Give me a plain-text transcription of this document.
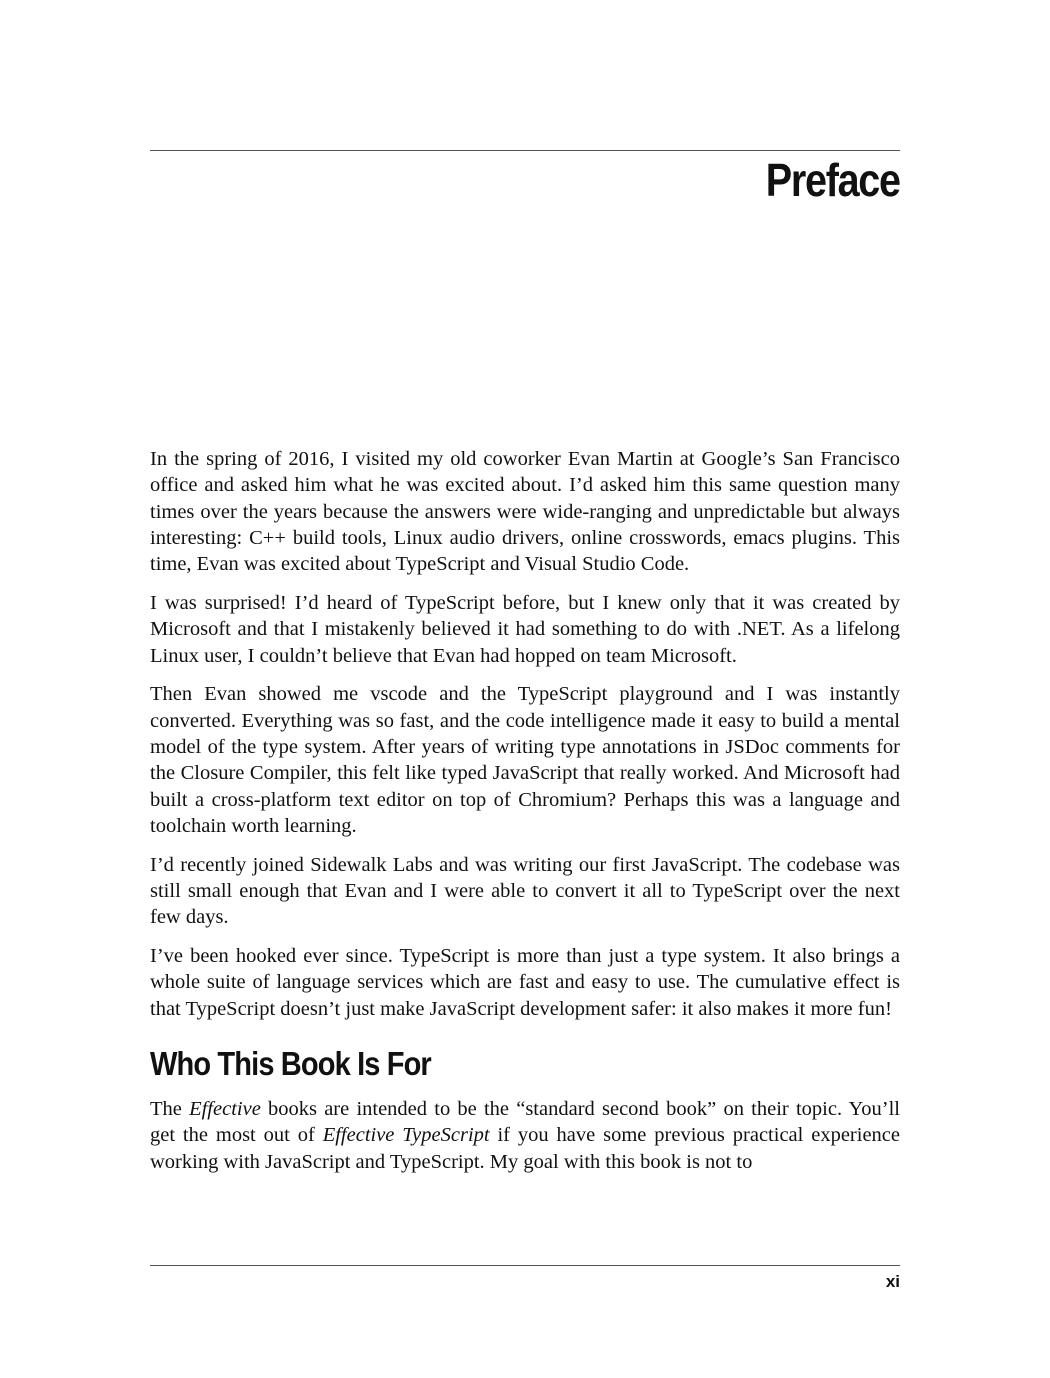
Preface

In the spring of 2016, I visited my old coworker Evan Martin at Google’s San Francisco office and asked him what he was excited about. I’d asked him this same question many times over the years because the answers were wide-ranging and unpredictable but always interesting: C++ build tools, Linux audio drivers, online crosswords, emacs plugins. This time, Evan was excited about TypeScript and Visual Studio Code.

I was surprised! I’d heard of TypeScript before, but I knew only that it was created by Microsoft and that I mistakenly believed it had something to do with .NET. As a lifelong Linux user, I couldn’t believe that Evan had hopped on team Microsoft.

Then Evan showed me vscode and the TypeScript playground and I was instantly converted. Everything was so fast, and the code intelligence made it easy to build a mental model of the type system. After years of writing type annotations in JSDoc comments for the Closure Compiler, this felt like typed JavaScript that really worked. And Microsoft had built a cross-platform text editor on top of Chromium? Perhaps this was a language and toolchain worth learning.

I’d recently joined Sidewalk Labs and was writing our first JavaScript. The codebase was still small enough that Evan and I were able to convert it all to TypeScript over the next few days.

I’ve been hooked ever since. TypeScript is more than just a type system. It also brings a whole suite of language services which are fast and easy to use. The cumulative effect is that TypeScript doesn’t just make JavaScript development safer: it also makes it more fun!

Who This Book Is For

The Effective books are intended to be the “standard second book” on their topic. You’ll get the most out of Effective TypeScript if you have some previous practical experience working with JavaScript and TypeScript. My goal with this book is not to

xi
